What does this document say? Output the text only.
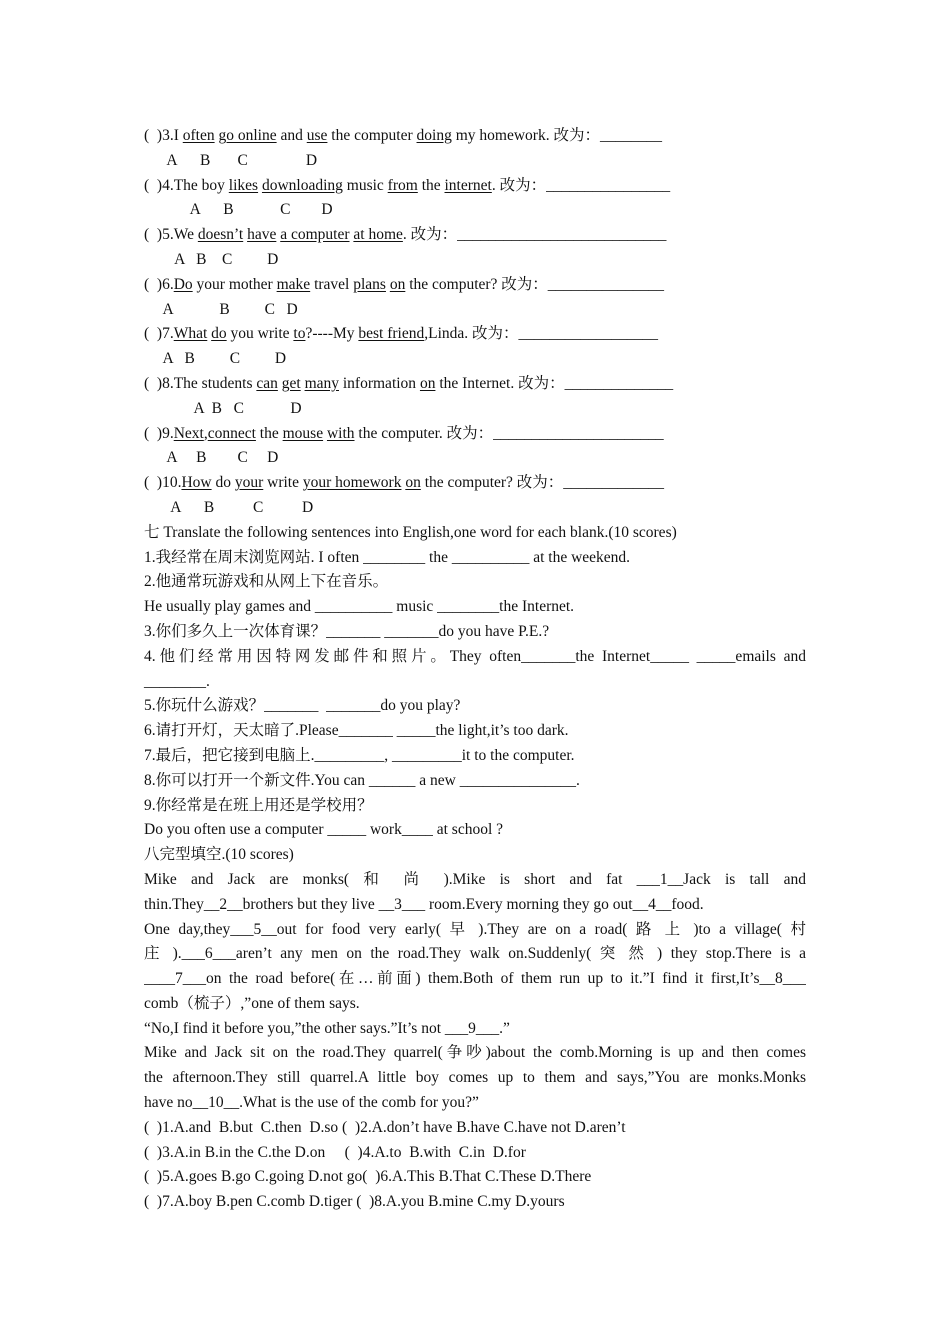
(  )3.I often go online and use the computer doing my homework. 改为：________
A      B       C               D
(  )4.The boy likes downloading music from the internet. 改为：________________
A      B            C        D
(  )5.We doesn’t have a computer at home. 改为：___________________________
A   B    C         D
(  )6.Do your mother make travel plans on the computer? 改为：_______________
A            B         C   D
(  )7.What do you write to?----My best friend,Linda. 改为：__________________
A   B         C         D
(  )8.The students can get many information on the Internet. 改为：______________
A  B   C            D
(  )9.Next,connect the mouse with the computer. 改为：______________________
A     B        C     D
(  )10.How do your write your homework on the computer? 改为：_____________
A      B          C          D
七 Translate the following sentences into English,one word for each blank.(10 scores)
1.我经常在周末浏览网站. I often ________ the __________ at the weekend.
2.他通常玩游戏和从网上下在音乐。
He usually play games and __________ music ________the Internet.
3.你们多久上一次体育课？_______ _______do you have P.E.?
4.他们经常用因特网发邮件和照片。They often_______the Internet_____ _____emails and
________.
5.你玩什么游戏？_______  _______do you play?
6.请打开灯，天太暗了.Please_______ _____the light,it’s too dark.
7.最后，把它接到电脑上._________, _________it to the computer.
8.你可以打开一个新文件.You can ______ a new _______________.
9.你经常是在班上用还是学校用？
Do you often use a computer _____ work____ at school ?
八完型填空.(10 scores)
Mike and Jack are monks( 和 尚 ).Mike is short and fat ___1__Jack is tall and
thin.They__2__brothers but they live __3___ room.Every morning they go out__4__food.
One day,they___5__out for food very early( 早 ).They are on a road( 路 上 )to a village( 村
庄 ).___6___aren’t any men on the road.They walk on.Suddenly( 突 然 ) they stop.There is a
____7___on the road before(在…前面) them.Both of them run up to it.”I find it first,It’s__8___
comb（梳子）,”one of them says.
“No,I find it before you,”the other says.”It’s not ___9___.”
Mike and Jack sit on the road.They quarrel(争吵)about the comb.Morning is up and then comes
the afternoon.They still quarrel.A little boy comes up to them and says,”You are monks.Monks
have no__10__.What is the use of the comb for you?”
(  )1.A.and  B.but  C.then  D.so (  )2.A.don’t have B.have C.have not D.aren’t
(  )3.A.in B.in the C.the D.on     (  )4.A.to  B.with  C.in  D.for
(  )5.A.goes B.go C.going D.not go(  )6.A.This B.That C.These D.There
(  )7.A.boy B.pen C.comb D.tiger (  )8.A.you B.mine C.my D.yours
